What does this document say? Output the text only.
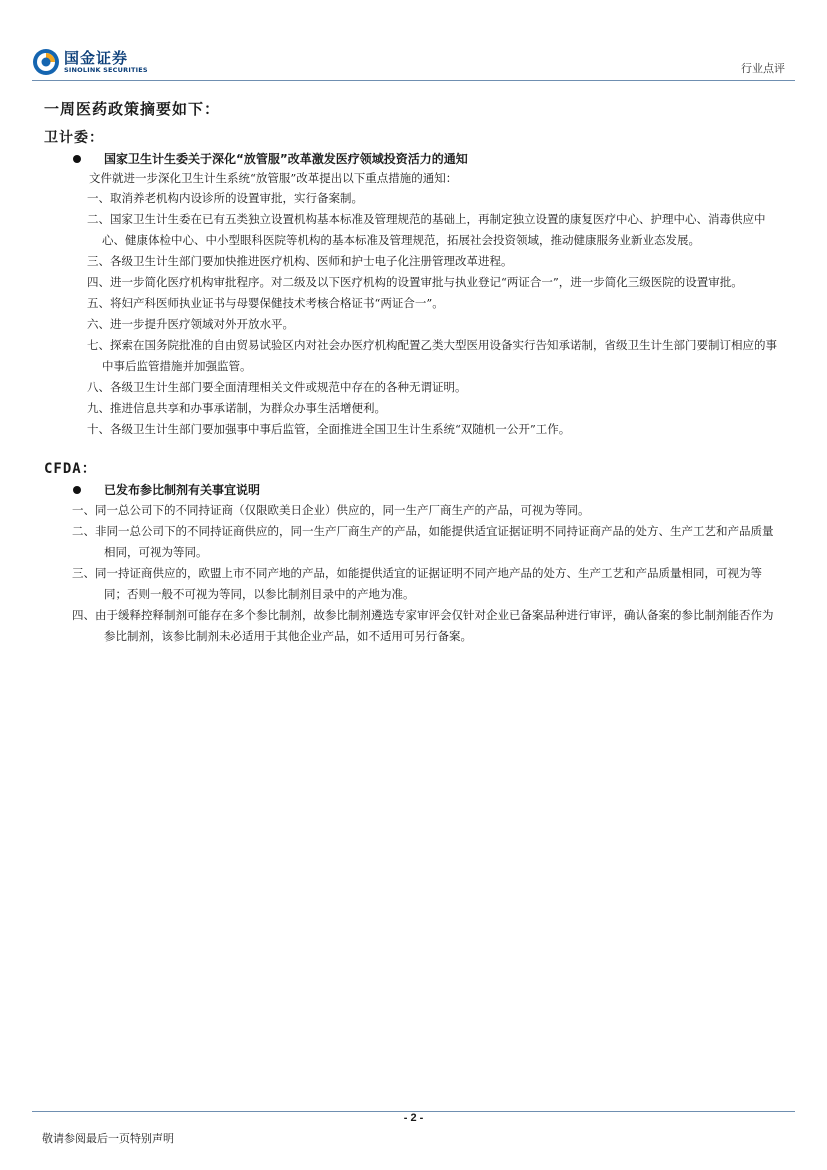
国金证券
SINOLINK SECURITIES	行业点评
一周医药政策摘要如下：
卫计委：
国家卫生计生委关于深化“放管服”改革激发医疗领域投资活力的通知
文件就进一步深化卫生计生系统“放管服”改革提出以下重点措施的通知：
一、取消养老机构内设诊所的设置审批，实行备案制。
二、国家卫生计生委在已有五类独立设置机构基本标准及管理规范的基础上，再制定独立设置的康复医疗中心、护理中心、消毒供应中心、健康体检中心、中小型眼科医院等机构的基本标准及管理规范，拓展社会投资领域，推动健康服务业新业态发展。
三、各级卫生计生部门要加快推进医疗机构、医师和护士电子化注册管理改革进程。
四、进一步简化医疗机构审批程序。对二级及以下医疗机构的设置审批与执业登记“两证合一”，进一步简化三级医院的设置审批。
五、将妇产科医师执业证书与母婴保健技术考核合格证书“两证合一”。
六、进一步提升医疗领域对外开放水平。
七、探索在国务院批准的自由贸易试验区内对社会办医疗机构配置乙类大型医用设备实行告知承诺制，省级卫生计生部门要制订相应的事中事后监管措施并加强监管。
八、各级卫生计生部门要全面清理相关文件或规范中存在的各种无谓证明。
九、推进信息共享和办事承诺制，为群众办事生活增便利。
十、各级卫生计生部门要加强事中事后监管，全面推进全国卫生计生系统“双随机一公开”工作。
CFDA：
已发布参比制剂有关事宜说明
一、同一总公司下的不同持证商（仅限欧美日企业）供应的，同一生产厂商生产的产品，可视为等同。
二、非同一总公司下的不同持证商供应的，同一生产厂商生产的产品，如能提供适宜证据证明不同持证商产品的处方、生产工艺和产品质量相同，可视为等同。
三、同一持证商供应的，欧盟上市不同产地的产品，如能提供适宜的证据证明不同产地产品的处方、生产工艺和产品质量相同，可视为等同；否则一般不可视为等同，以参比制剂目录中的产地为准。
四、由于缓释控释制剂可能存在多个参比制剂，故参比制剂遴选专家审评会仅针对企业已备案品种进行审评，确认备案的参比制剂能否作为参比制剂，该参比制剂未必适用于其他企业产品，如不适用可另行备案。
- 2 -
敬请参阅最后一页特别声明
